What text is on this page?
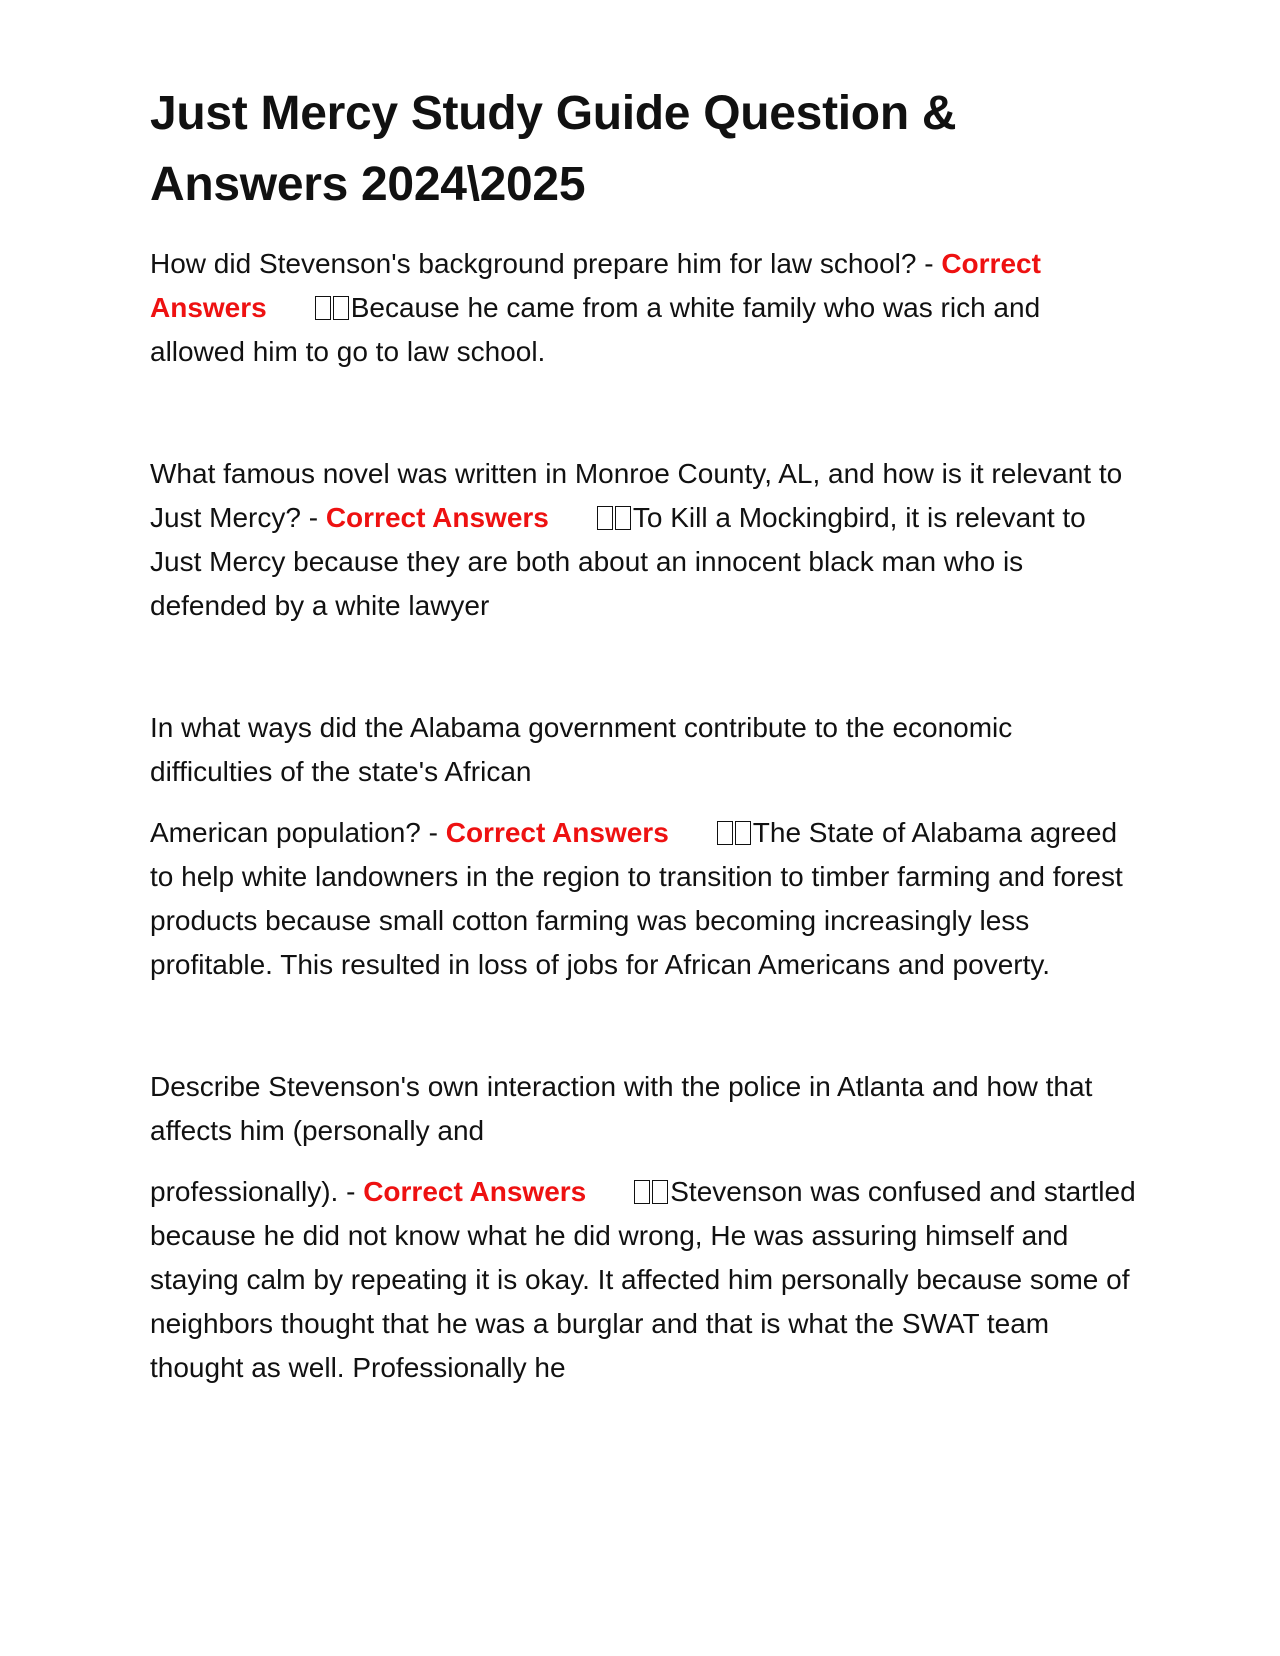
Just Mercy Study Guide Question & Answers 2024\2025

How did Stevenson's background prepare him for law school? - Correct Answers	Because he came from a white family who was rich and allowed him to go to law school.

What famous novel was written in Monroe County, AL, and how is it relevant to Just Mercy? - Correct Answers	To Kill a Mockingbird, it is relevant to Just Mercy because they are both about an innocent black man who is defended by a white lawyer

In what ways did the Alabama government contribute to the economic difficulties of the state's African

American population? - Correct Answers	The State of Alabama agreed to help white landowners in the region to transition to timber farming and forest products because small cotton farming was becoming increasingly less profitable. This resulted in loss of jobs for African Americans and poverty.

Describe Stevenson's own interaction with the police in Atlanta and how that affects him (personally and

professionally). - Correct Answers	Stevenson was confused and startled because he did not know what he did wrong, He was assuring himself and staying calm by repeating it is okay. It affected him personally because some of neighbors thought that he was a burglar and that is what the SWAT team thought as well. Professionally he
